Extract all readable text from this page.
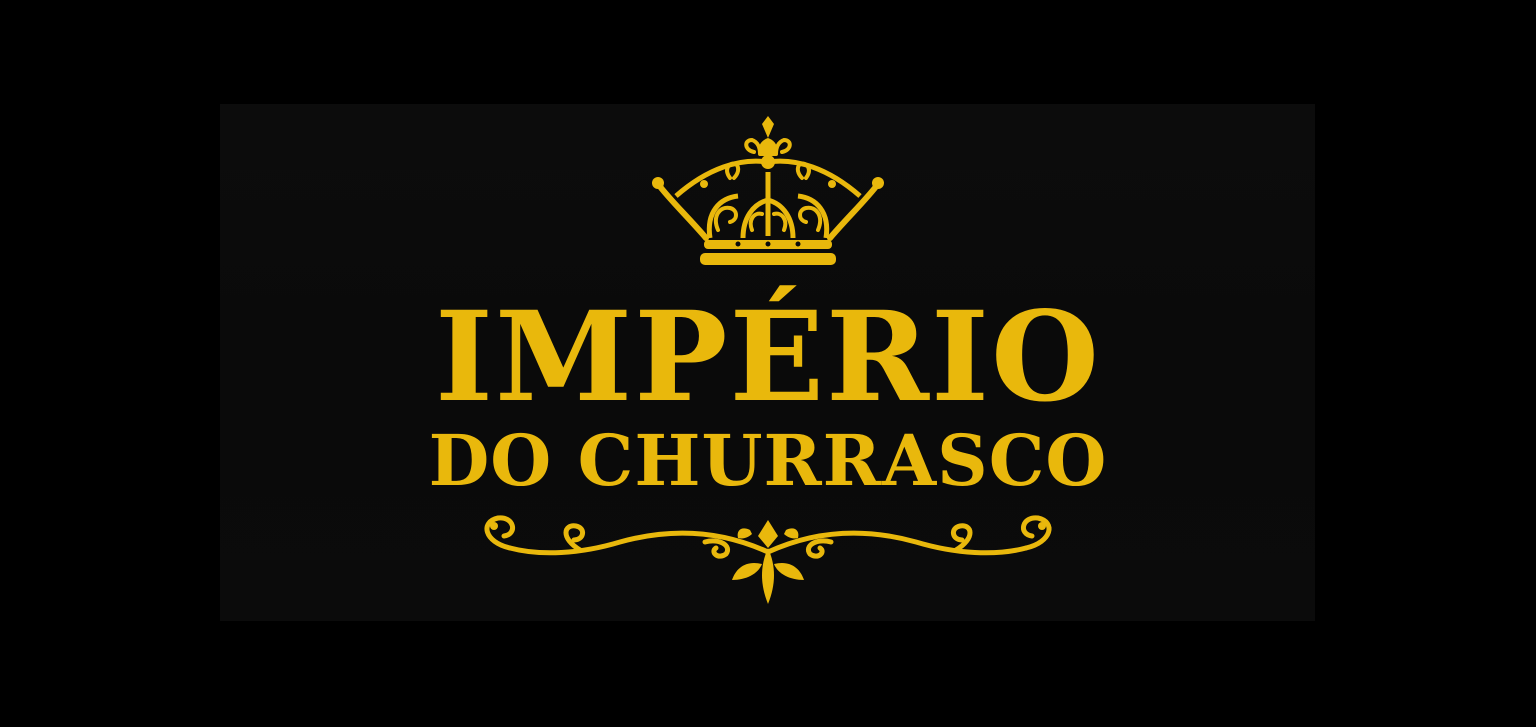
IMPÉRIO
DO CHURRASCO
